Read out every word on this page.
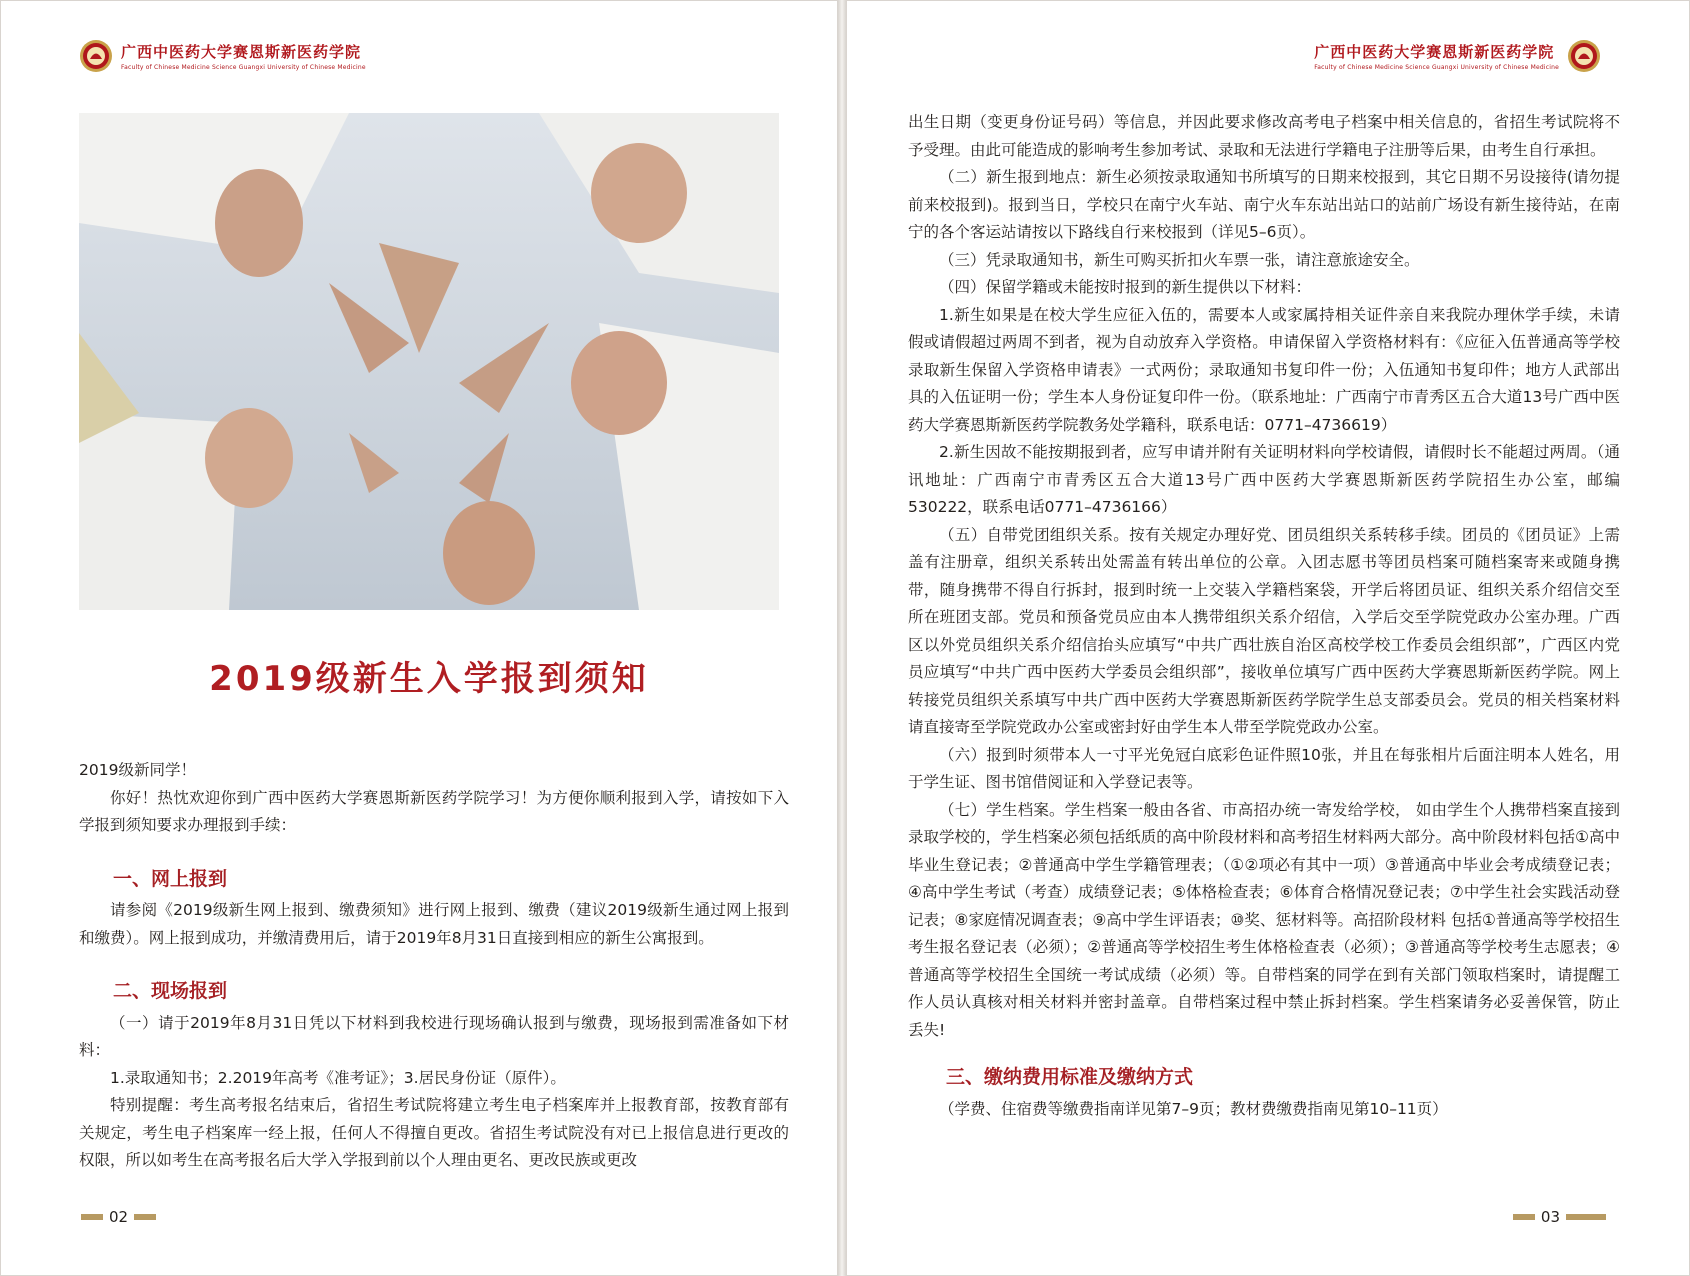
广西中医药大学赛恩斯新医药学院
Faculty of Chinese Medicine Science Guangxi University of Chinese Medicine
2019级新生入学报到须知

2019级新同学！

你好！热忱欢迎你到广西中医药大学赛恩斯新医药学院学习！为方便你顺利报到入学，请按如下入学报到须知要求办理报到手续：

一、网上报到

请参阅《2019级新生网上报到、缴费须知》进行网上报到、缴费（建议2019级新生通过网上报到和缴费）。网上报到成功，并缴清费用后，请于2019年8月31日直接到相应的新生公寓报到。

二、现场报到

（一）请于2019年8月31日凭以下材料到我校进行现场确认报到与缴费，现场报到需准备如下材料：

1.录取通知书；2.2019年高考《准考证》；3.居民身份证（原件）。

特别提醒：考生高考报名结束后，省招生考试院将建立考生电子档案库并上报教育部，按教育部有关规定，考生电子档案库一经上报，任何人不得擅自更改。省招生考试院没有对已上报信息进行更改的权限，所以如考生在高考报名后大学入学报到前以个人理由更名、更改民族或更改

02
广西中医药大学赛恩斯新医药学院
Faculty of Chinese Medicine Science Guangxi University of Chinese Medicine

出生日期（变更身份证号码）等信息，并因此要求修改高考电子档案中相关信息的，省招生考试院将不予受理。由此可能造成的影响考生参加考试、录取和无法进行学籍电子注册等后果，由考生自行承担。

（二）新生报到地点：新生必须按录取通知书所填写的日期来校报到，其它日期不另设接待(请勿提前来校报到)。报到当日，学校只在南宁火车站、南宁火车东站出站口的站前广场设有新生接待站，在南宁的各个客运站请按以下路线自行来校报到（详见5–6页）。

（三）凭录取通知书，新生可购买折扣火车票一张，请注意旅途安全。

（四）保留学籍或未能按时报到的新生提供以下材料：

1.新生如果是在校大学生应征入伍的，需要本人或家属持相关证件亲自来我院办理休学手续，未请假或请假超过两周不到者，视为自动放弃入学资格。申请保留入学资格材料有：《应征入伍普通高等学校录取新生保留入学资格申请表》一式两份；录取通知书复印件一份；入伍通知书复印件；地方人武部出具的入伍证明一份；学生本人身份证复印件一份。（联系地址：广西南宁市青秀区五合大道13号广西中医药大学赛恩斯新医药学院教务处学籍科，联系电话：0771–4736619）

2.新生因故不能按期报到者，应写申请并附有关证明材料向学校请假，请假时长不能超过两周。（通讯地址：广西南宁市青秀区五合大道13号广西中医药大学赛恩斯新医药学院招生办公室，邮编530222，联系电话0771–4736166）

（五）自带党团组织关系。按有关规定办理好党、团员组织关系转移手续。团员的《团员证》上需盖有注册章，组织关系转出处需盖有转出单位的公章。入团志愿书等团员档案可随档案寄来或随身携带，随身携带不得自行拆封，报到时统一上交装入学籍档案袋，开学后将团员证、组织关系介绍信交至所在班团支部。党员和预备党员应由本人携带组织关系介绍信，入学后交至学院党政办公室办理。广西区以外党员组织关系介绍信抬头应填写“中共广西壮族自治区高校学校工作委员会组织部”，广西区内党员应填写“中共广西中医药大学委员会组织部”，接收单位填写广西中医药大学赛恩斯新医药学院。网上转接党员组织关系填写中共广西中医药大学赛恩斯新医药学院学生总支部委员会。党员的相关档案材料请直接寄至学院党政办公室或密封好由学生本人带至学院党政办公室。

（六）报到时须带本人一寸平光免冠白底彩色证件照10张，并且在每张相片后面注明本人姓名，用于学生证、图书馆借阅证和入学登记表等。

（七）学生档案。学生档案一般由各省、市高招办统一寄发给学校， 如由学生个人携带档案直接到录取学校的，学生档案必须包括纸质的高中阶段材料和高考招生材料两大部分。高中阶段材料包括①高中毕业生登记表；②普通高中学生学籍管理表；（①②项必有其中一项）③普通高中毕业会考成绩登记表；④高中学生考试（考查）成绩登记表；⑤体格检查表；⑥体育合格情况登记表；⑦中学生社会实践活动登记表；⑧家庭情况调查表；⑨高中学生评语表；⑩奖、惩材料等。高招阶段材料 包括①普通高等学校招生考生报名登记表（必须）；②普通高等学校招生考生体格检查表（必须）；③普通高等学校考生志愿表；④普通高等学校招生全国统一考试成绩（必须）等。自带档案的同学在到有关部门领取档案时，请提醒工作人员认真核对相关材料并密封盖章。自带档案过程中禁止拆封档案。学生档案请务必妥善保管，防止丢失!

三、缴纳费用标准及缴纳方式

（学费、住宿费等缴费指南详见第7–9页；教材费缴费指南见第10–11页）

03
